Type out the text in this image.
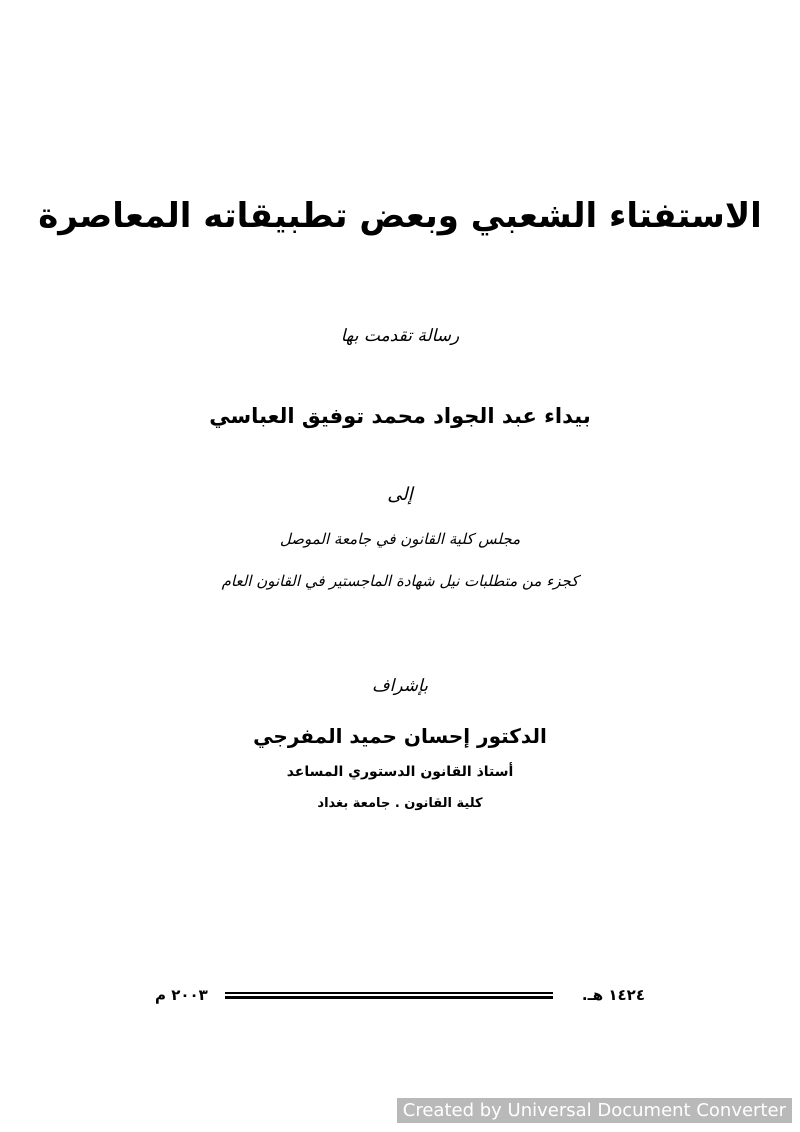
الاستفتاء الشعبي وبعض تطبيقاته المعاصرة
رسالة تقدمت بها
بيداء عبد الجواد محمد توفيق العباسي
إلى
مجلس كلية القانون في جامعة الموصل
كجزء من متطلبات نيل شهادة الماجستير في القانون العام
بإشراف
الدكتور إحسان حميد المفرجي
أستاذ القانون الدستوري المساعد
كلية القانون . جامعة بغداد
٢٠٠٣ م	١٤٢٤ هـ.
Created by Universal Document Converter
